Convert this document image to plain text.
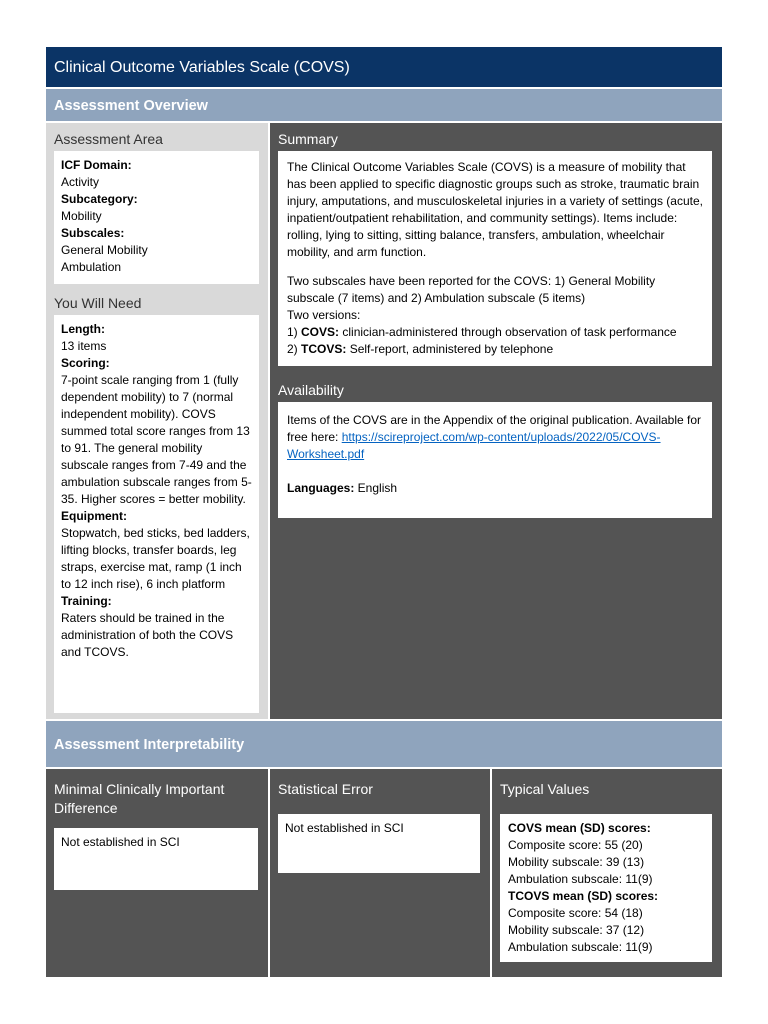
Clinical Outcome Variables Scale (COVS)
Assessment Overview
Assessment Area
ICF Domain:
Activity
Subcategory:
Mobility
Subscales:
General Mobility
Ambulation
You Will Need
Length:
13 items
Scoring:
7-point scale ranging from 1 (fully dependent mobility) to 7 (normal independent mobility). COVS summed total score ranges from 13 to 91. The general mobility subscale ranges from 7-49 and the ambulation subscale ranges from 5-35. Higher scores = better mobility.
Equipment:
Stopwatch, bed sticks, bed ladders, lifting blocks, transfer boards, leg straps, exercise mat, ramp (1 inch to 12 inch rise), 6 inch platform
Training:
Raters should be trained in the administration of both the COVS and TCOVS.
Summary

The Clinical Outcome Variables Scale (COVS) is a measure of mobility that has been applied to specific diagnostic groups such as stroke, traumatic brain injury, amputations, and musculoskeletal injuries in a variety of settings (acute, inpatient/outpatient rehabilitation, and community settings). Items include: rolling, lying to sitting, sitting balance, transfers, ambulation, wheelchair mobility, and arm function.

Two subscales have been reported for the COVS: 1) General Mobility subscale (7 items) and 2) Ambulation subscale (5 items)
Two versions:
1) COVS: clinician-administered through observation of task performance
2) TCOVS: Self-report, administered by telephone

Availability

Items of the COVS are in the Appendix of the original publication. Available for free here: https://scireproject.com/wp-content/uploads/2022/05/COVS-Worksheet.pdf

Languages: English

Assessment Interpretability
Minimal Clinically Important Difference
Not established in SCI
Statistical Error
Not established in SCI
Typical Values
COVS mean (SD) scores:
Composite score: 55 (20)
Mobility subscale: 39 (13)
Ambulation subscale: 11(9)
TCOVS mean (SD) scores:
Composite score: 54 (18)
Mobility subscale: 37 (12)
Ambulation subscale: 11(9)
